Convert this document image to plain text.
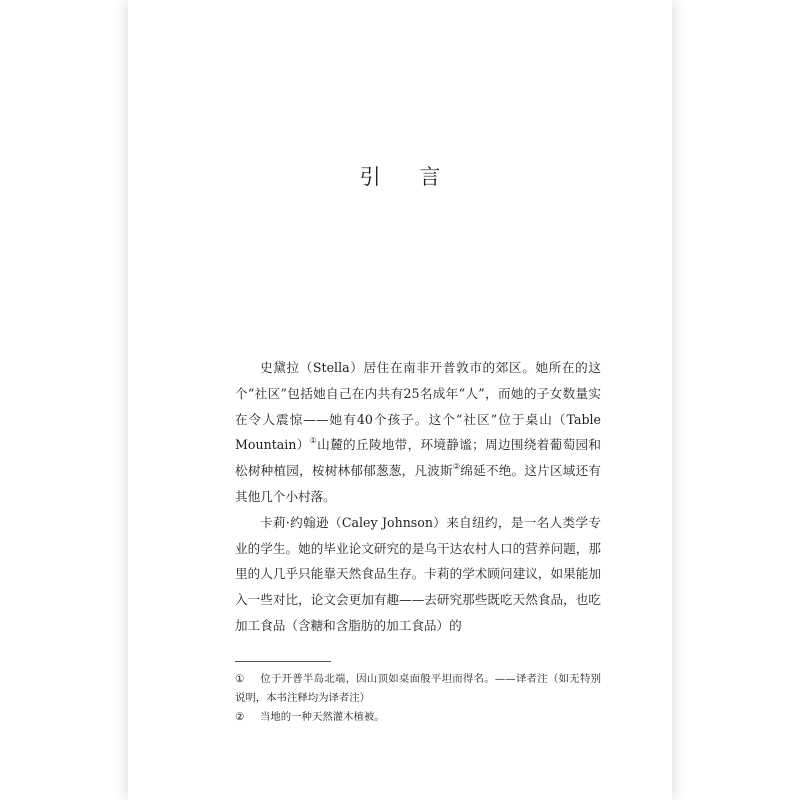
引 言

史黛拉（Stella）居住在南非开普敦市的郊区。她所在的这个“社区”包括她自己在内共有25名成年“人”，而她的子女数量实在令人震惊——她有40个孩子。这个“社区”位于桌山（Table Mountain）①山麓的丘陵地带，环境静谧；周边围绕着葡萄园和松树种植园，桉树林郁郁葱葱，凡波斯②绵延不绝。这片区域还有其他几个小村落。

卡莉·约翰逊（Caley Johnson）来自纽约，是一名人类学专业的学生。她的毕业论文研究的是乌干达农村人口的营养问题，那里的人几乎只能靠天然食品生存。卡莉的学术顾问建议，如果能加入一些对比，论文会更加有趣——去研究那些既吃天然食品，也吃加工食品（含糖和含脂肪的加工食品）的

① 位于开普半岛北端，因山顶如桌面般平坦而得名。——译者注（如无特别说明，本书注释均为译者注）
② 当地的一种天然灌木植被。
